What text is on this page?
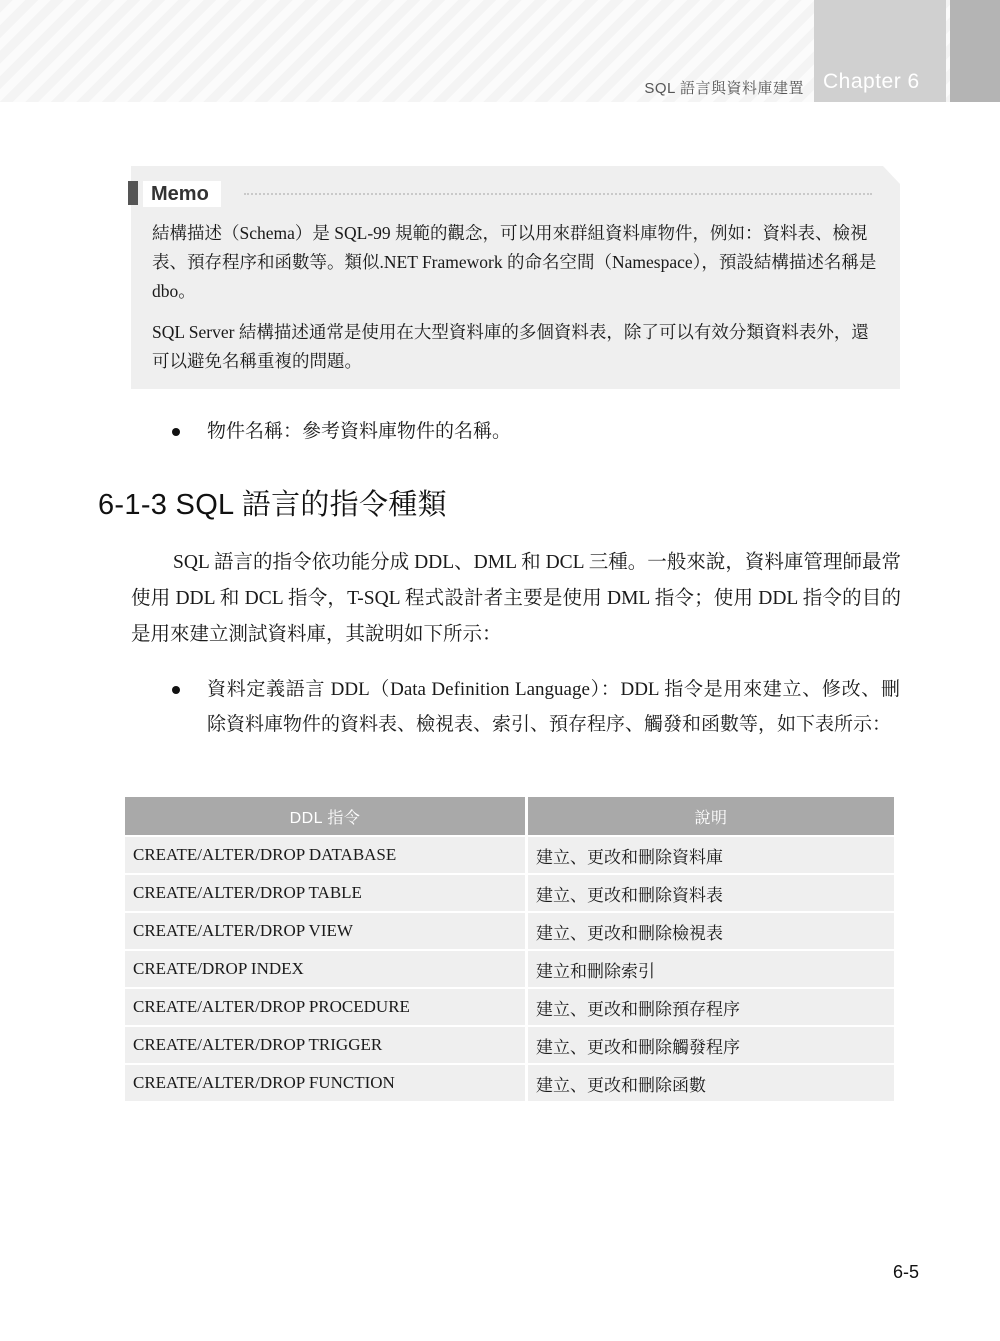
SQL 語言與資料庫建置 Chapter 6
Memo

結構描述（Schema）是 SQL-99 規範的觀念，可以用來群組資料庫物件，例如：資料表、檢視表、預存程序和函數等。類似.NET Framework 的命名空間（Namespace），預設結構描述名稱是 dbo。

SQL Server 結構描述通常是使用在大型資料庫的多個資料表，除了可以有效分類資料表外，還可以避免名稱重複的問題。

物件名稱：參考資料庫物件的名稱。
6-1-3 SQL 語言的指令種類

SQL 語言的指令依功能分成 DDL、DML 和 DCL 三種。一般來說，資料庫管理師最常使用 DDL 和 DCL 指令，T-SQL 程式設計者主要是使用 DML 指令；使用 DDL 指令的目的是用來建立測試資料庫，其說明如下所示：

資料定義語言 DDL（Data Definition Language）：DDL 指令是用來建立、修改、刪除資料庫物件的資料表、檢視表、索引、預存程序、觸發和函數等，如下表所示：
DDL 指令	說明
CREATE/ALTER/DROP DATABASE	建立、更改和刪除資料庫
CREATE/ALTER/DROP TABLE	建立、更改和刪除資料表
CREATE/ALTER/DROP VIEW	建立、更改和刪除檢視表
CREATE/DROP INDEX	建立和刪除索引
CREATE/ALTER/DROP PROCEDURE	建立、更改和刪除預存程序
CREATE/ALTER/DROP TRIGGER	建立、更改和刪除觸發程序
CREATE/ALTER/DROP FUNCTION	建立、更改和刪除函數
6-5
